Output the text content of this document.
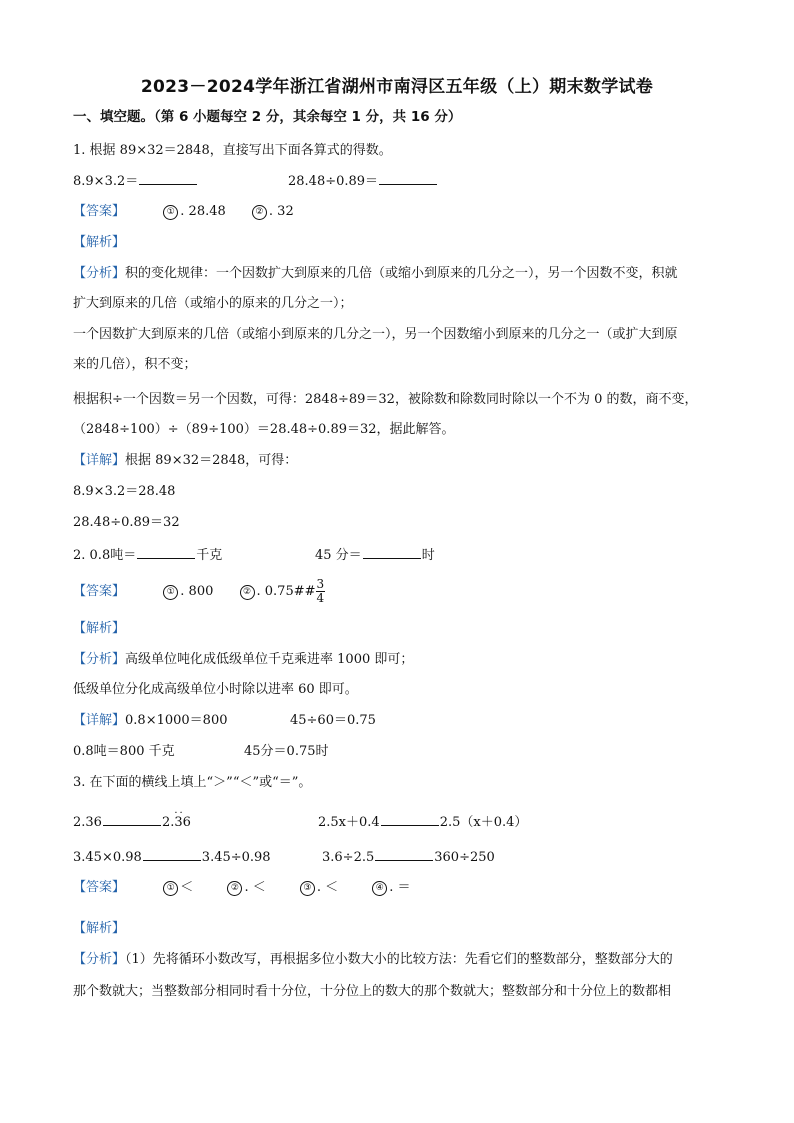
2023－2024学年浙江省湖州市南浔区五年级（上）期末数学试卷
一、填空题。（第 6 小题每空 2 分，其余每空 1 分，共 16 分）
1. 根据 89×32＝2848，直接写出下面各算式的得数。
8.9×3.2＝	28.48÷0.89＝
【答案】	① . 28.48	② . 32
【解析】
【分析】积的变化规律：一个因数扩大到原来的几倍（或缩小到原来的几分之一），另一个因数不变，积就
扩大到原来的几倍（或缩小的原来的几分之一）；
一个因数扩大到原来的几倍（或缩小到原来的几分之一），另一个因数缩小到原来的几分之一（或扩大到原
来的几倍），积不变；
根据积÷一个因数＝另一个因数，可得：2848÷89＝32，被除数和除数同时除以一个不为 0 的数，商不变，
（2848÷100）÷（89÷100）＝28.48÷0.89＝32，据此解答。
【详解】根据 89×32＝2848，可得：
8.9×3.2＝28.48
28.48÷0.89＝32
2. 0.8吨＝	千克	45 分＝	时
【答案】	① . 800	② . 0.75## $\frac{3}{4}$
【解析】
【分析】高级单位吨化成低级单位千克乘进率 1000 即可；
低级单位分化成高级单位小时除以进率 60 即可。
【详解】0.8×1000＝800	45÷60＝0.75
0.8吨＝800 千克	45分＝0.75时
3. 在下面的横线上填上“＞”“＜”或“＝”。
2.36	2.36 ··	2.5x＋0.4	2.5（x＋0.4）
3.45×0.98	3.45÷0.98	3.6÷2.5	360÷250
【答案】	① ＜	② . ＜	③ . ＜	④ . ＝
【解析】
【分析】（1）先将循环小数改写，再根据多位小数大小的比较方法：先看它们的整数部分，整数部分大的
那个数就大；当整数部分相同时看十分位，十分位上的数大的那个数就大；整数部分和十分位上的数都相
